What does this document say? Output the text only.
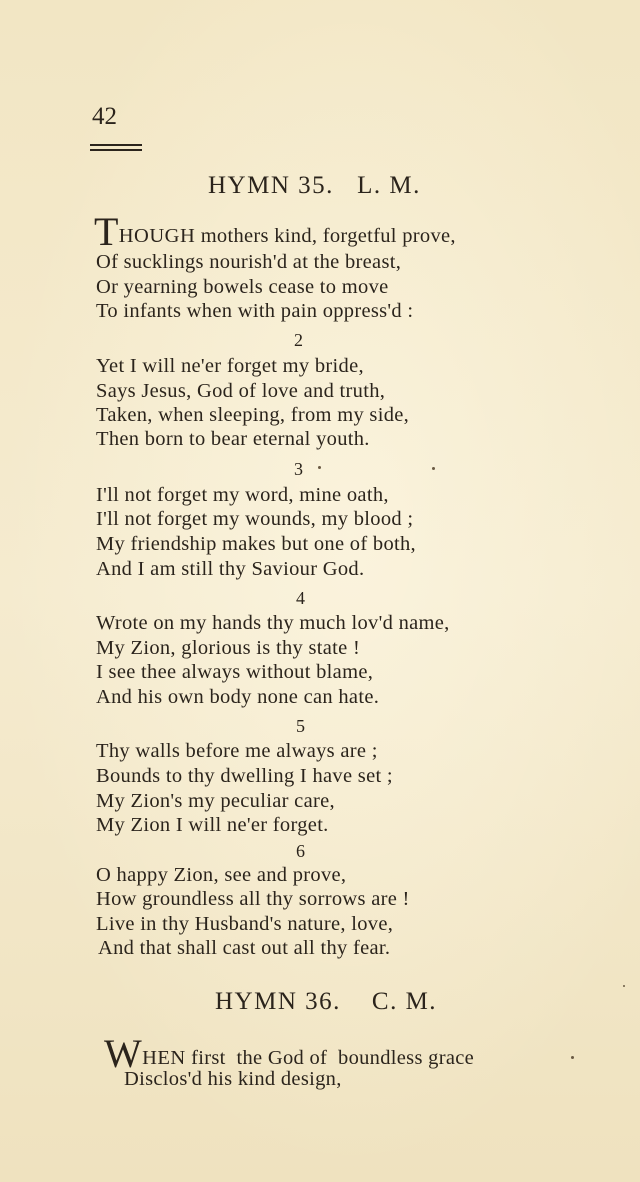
42
HYMN 35.   L. M.
THOUGH mothers kind, forgetful prove,
Of sucklings nourish'd at the breast,
Or yearning bowels cease to move
To infants when with pain oppress'd :
2
Yet I will ne'er forget my bride,
Says Jesus, God of love and truth,
Taken, when sleeping, from my side,
Then born to bear eternal youth.
3
I'll not forget my word, mine oath,
I'll not forget my wounds, my blood ;
My friendship makes but one of both,
And I am still thy Saviour God.
4
Wrote on my hands thy much lov'd name,
My Zion, glorious is thy state !
I see thee always without blame,
And his own body none can hate.
5
Thy walls before me always are ;
Bounds to thy dwelling I have set ;
My Zion's my peculiar care,
My Zion I will ne'er forget.
6
O happy Zion, see and prove,
How groundless all thy sorrows are !
Live in thy Husband's nature, love,
And that shall cast out all thy fear.
HYMN 36.    C. M.
WHEN first  the God of  boundless grace
Disclos'd his kind design,
